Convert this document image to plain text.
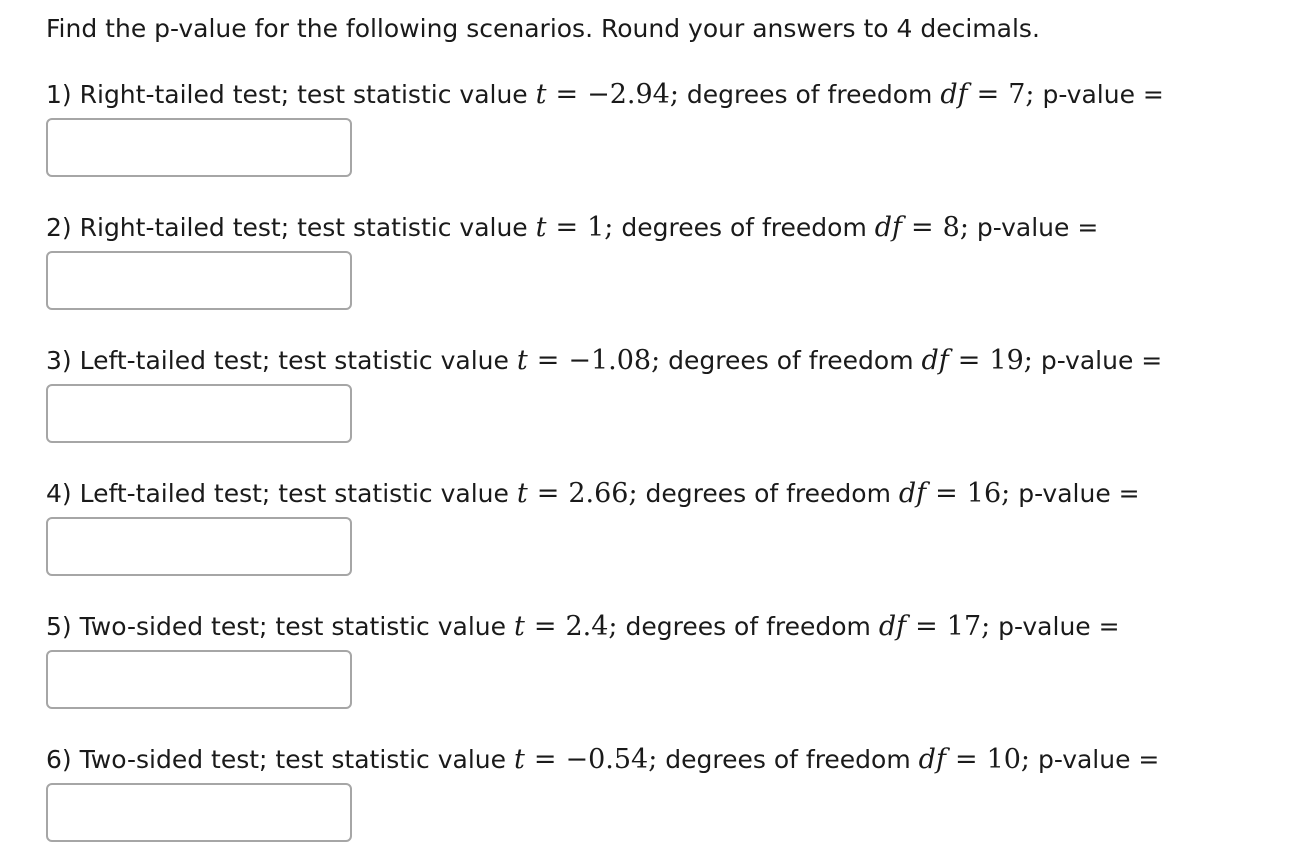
Find the p-value for the following scenarios. Round your answers to 4 decimals.
1) Right-tailed test; test statistic value t = −2.94; degrees of freedom df = 7; p-value =
2) Right-tailed test; test statistic value t = 1; degrees of freedom df = 8; p-value =
3) Left-tailed test; test statistic value t = −1.08; degrees of freedom df = 19; p-value =
4) Left-tailed test; test statistic value t = 2.66; degrees of freedom df = 16; p-value =
5) Two-sided test; test statistic value t = 2.4; degrees of freedom df = 17; p-value =
6) Two-sided test; test statistic value t = −0.54; degrees of freedom df = 10; p-value =
